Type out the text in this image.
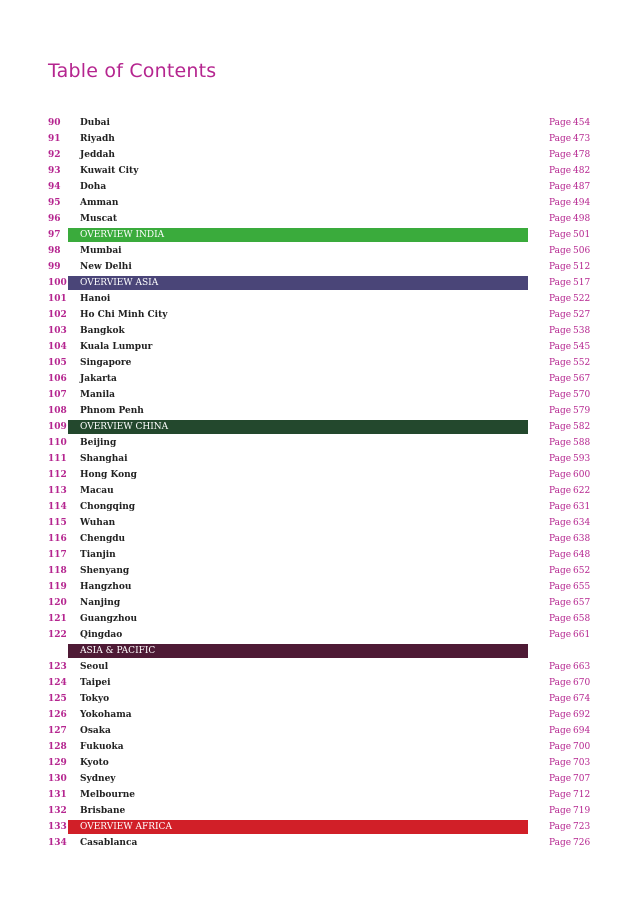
Table of Contents
90	Dubai	Page 454
91	Riyadh	Page 473
92	Jeddah	Page 478
93	Kuwait City	Page 482
94	Doha	Page 487
95	Amman	Page 494
96	Muscat	Page 498
97	OVERVIEW INDIA	Page 501
98	Mumbai	Page 506
99	New Delhi	Page 512
100	OVERVIEW ASIA	Page 517
101	Hanoi	Page 522
102	Ho Chi Minh City	Page 527
103	Bangkok	Page 538
104	Kuala Lumpur	Page 545
105	Singapore	Page 552
106	Jakarta	Page 567
107	Manila	Page 570
108	Phnom Penh	Page 579
109	OVERVIEW CHINA	Page 582
110	Beijing	Page 588
111	Shanghai	Page 593
112	Hong Kong	Page 600
113	Macau	Page 622
114	Chongqing	Page 631
115	Wuhan	Page 634
116	Chengdu	Page 638
117	Tianjin	Page 648
118	Shenyang	Page 652
119	Hangzhou	Page 655
120	Nanjing	Page 657
121	Guangzhou	Page 658
122	Qingdao	Page 661
ASIA & PACIFIC
123	Seoul	Page 663
124	Taipei	Page 670
125	Tokyo	Page 674
126	Yokohama	Page 692
127	Osaka	Page 694
128	Fukuoka	Page 700
129	Kyoto	Page 703
130	Sydney	Page 707
131	Melbourne	Page 712
132	Brisbane	Page 719
133	OVERVIEW AFRICA	Page 723
134	Casablanca	Page 726
